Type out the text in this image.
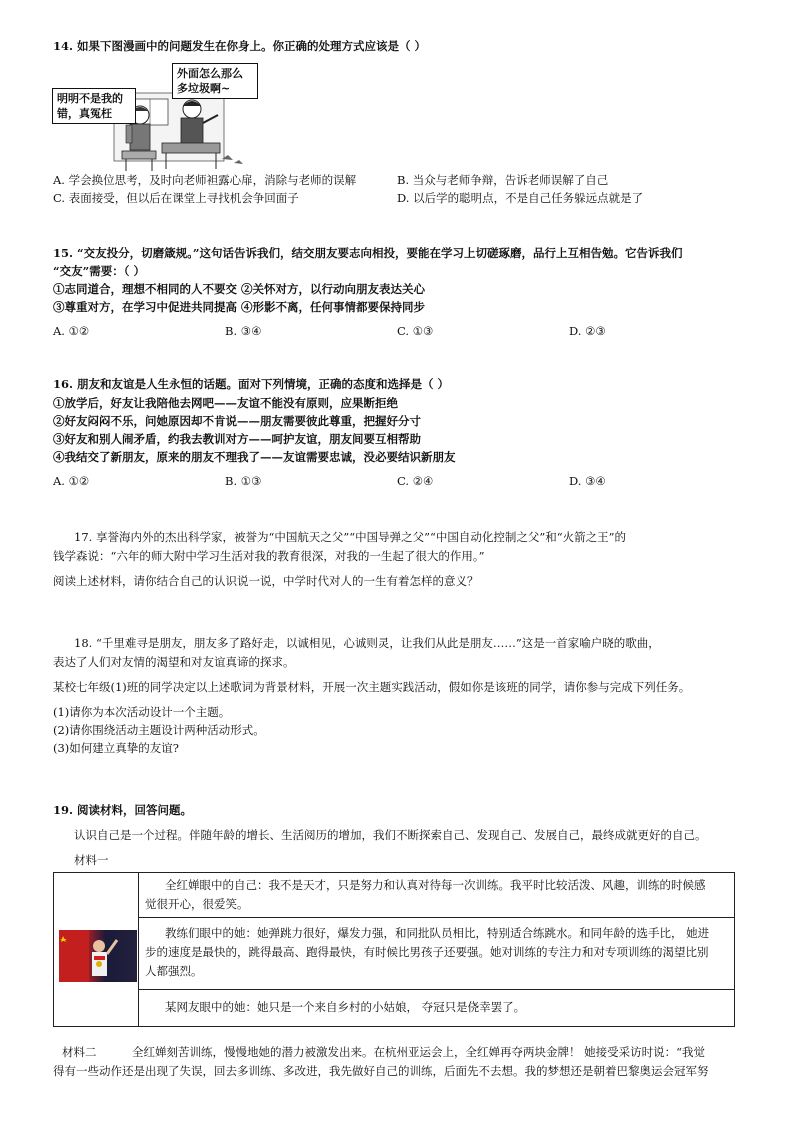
14. 如果下图漫画中的问题发生在你身上。你正确的处理方式应该是（ ）
明明不是我的错，真冤枉
外面怎么那么多垃圾啊~
A. 学会换位思考，及时向老师袒露心扉，消除与老师的误解	B. 当众与老师争辩，告诉老师误解了自己
C. 表面接受，但以后在课堂上寻找机会争回面子	D. 以后学的聪明点，不是自己任务躲远点就是了
15. “交友投分，切磨箴规。”这句话告诉我们，结交朋友要志向相投，要能在学习上切磋琢磨，品行上互相告勉。它告诉我们
“交友”需要：（ ）
①志同道合，理想不相同的人不要交 ②关怀对方，以行动向朋友表达关心
③尊重对方，在学习中促进共同提高 ④形影不离，任何事情都要保持同步
A. ①②	B. ③④	C. ①③	D. ②③
16. 朋友和友谊是人生永恒的话题。面对下列情境，正确的态度和选择是（ ）
①放学后，好友让我陪他去网吧——友谊不能没有原则，应果断拒绝
②好友闷闷不乐，问她原因却不肯说——朋友需要彼此尊重，把握好分寸
③好友和别人闹矛盾，约我去教训对方——呵护友谊，朋友间要互相帮助
④我结交了新朋友，原来的朋友不理我了——友谊需要忠诚，没必要结识新朋友
A. ①②	B. ①③	C. ②④	D. ③④
17. 享誉海内外的杰出科学家，被誉为“中国航天之父”“中国导弹之父”“中国自动化控制之父”和“火箭之王”的
钱学森说：“六年的师大附中学习生活对我的教育很深，对我的一生起了很大的作用。”
阅读上述材料，请你结合自己的认识说一说，中学时代对人的一生有着怎样的意义？
18. “千里难寻是朋友，朋友多了路好走，以诚相见，心诚则灵，让我们从此是朋友……”这是一首家喻户晓的歌曲，
表达了人们对友情的渴望和对友谊真谛的探求。
某校七年级(1)班的同学决定以上述歌词为背景材料，开展一次主题实践活动，假如你是该班的同学，请你参与完成下列任务。
(1)请你为本次活动设计一个主题。
(2)请你围绕活动主题设计两种活动形式。
(3)如何建立真挚的友谊?
19. 阅读材料，回答问题。
认识自己是一个过程。伴随年龄的增长、生活阅历的增加，我们不断探索自己、发现自己、发展自己，最终成就更好的自己。
材料一

全红婵眼中的自己：我不是天才，只是努力和认真对待每一次训练。我平时比较活泼、风趣，训练的时候感
觉很开心，很爱笑。

教练们眼中的她：她弹跳力很好，爆发力强，和同批队员相比，特别适合练跳水。和同年龄的选手比， 她进
步的速度是最快的，跳得最高、跑得最快，有时候比男孩子还要强。她对训练的专注力和对专项训练的渴望比别
人都强烈。

某网友眼中的她：她只是一个来自乡村的小姑娘， 夺冠只是侥幸罢了。
材料二	全红婵刻苦训练，慢慢地她的潜力被激发出来。在杭州亚运会上，全红婵再夺两块金牌！ 她接受采访时说：“我觉
得有一些动作还是出现了失误，回去多训练、多改进，我先做好自己的训练，后面先不去想。我的梦想还是朝着巴黎奥运会冠军努
